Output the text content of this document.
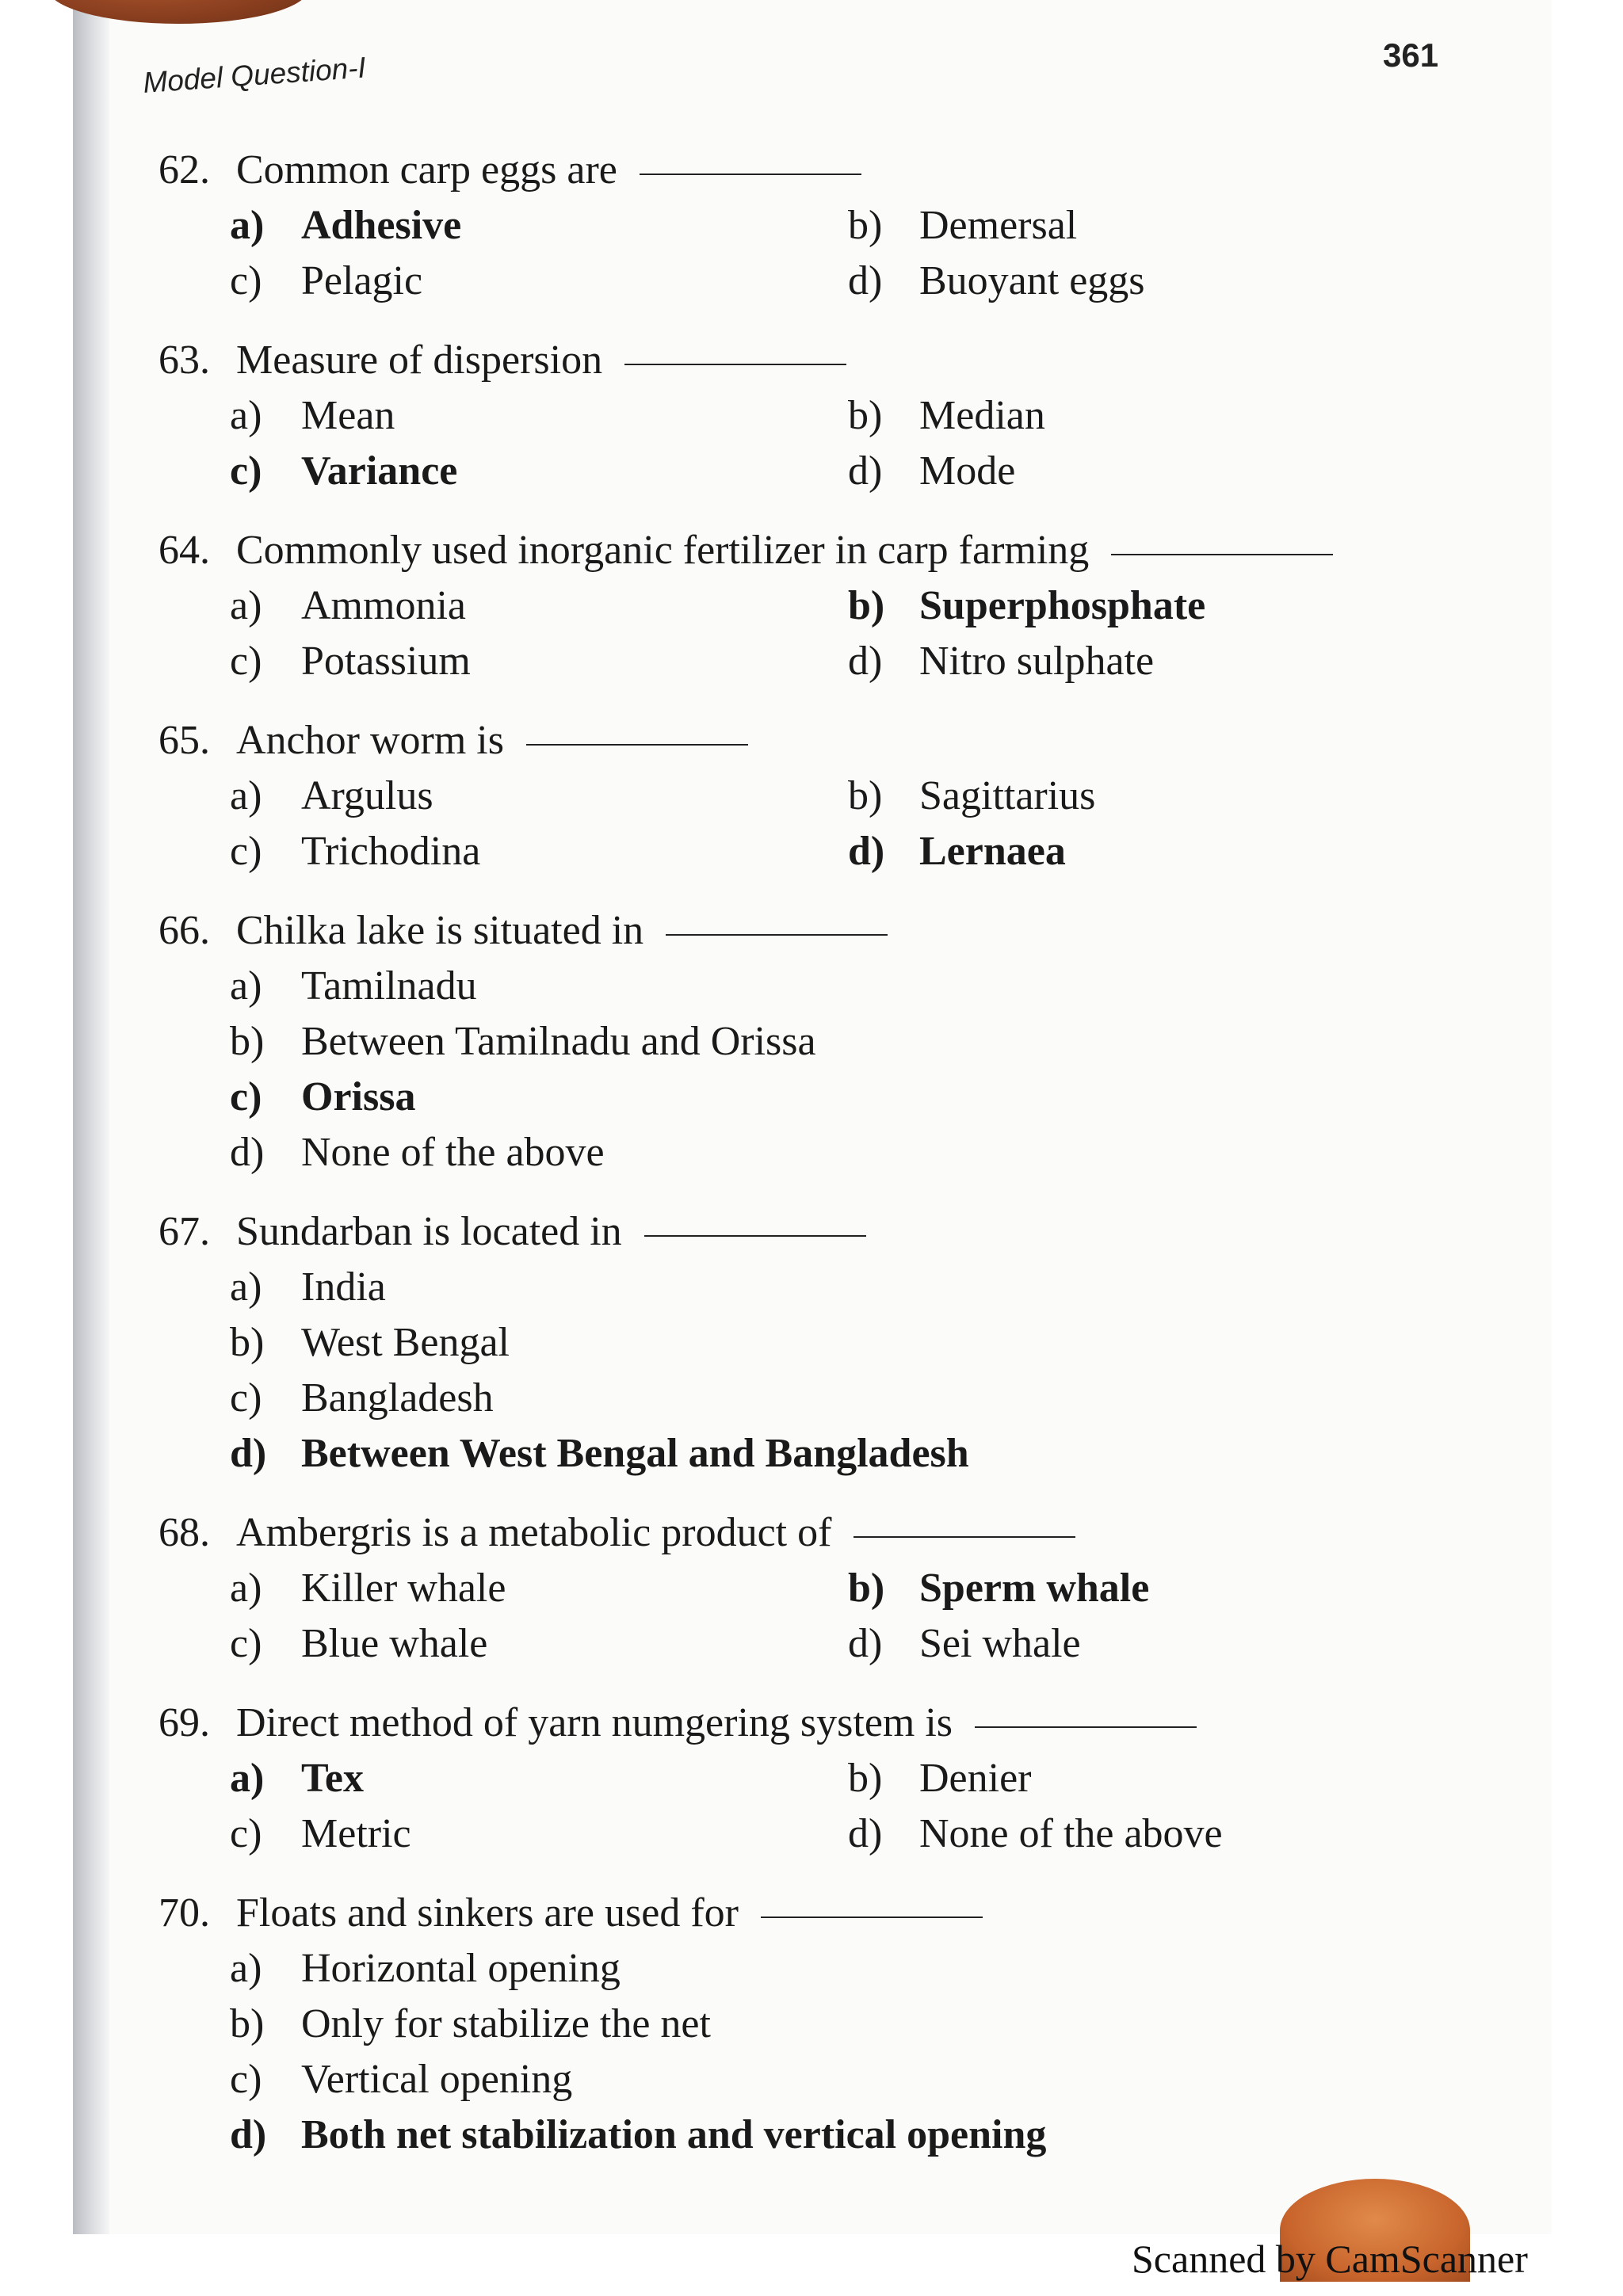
Model Question-I	361
62. Common carp eggs are
a) Adhesive	b) Demersal
c) Pelagic	d) Buoyant eggs
63. Measure of dispersion
a) Mean	b) Median
c) Variance	d) Mode
64. Commonly used inorganic fertilizer in carp farming
a) Ammonia	b) Superphosphate
c) Potassium	d) Nitro sulphate
65. Anchor worm is
a) Argulus	b) Sagittarius
c) Trichodina	d) Lernaea
66. Chilka lake is situated in
a) Tamilnadu
b) Between Tamilnadu and Orissa
c) Orissa
d) None of the above
67. Sundarban is located in
a) India
b) West Bengal
c) Bangladesh
d) Between West Bengal and Bangladesh
68. Ambergris is a metabolic product of
a) Killer whale	b) Sperm whale
c) Blue whale	d) Sei whale
69. Direct method of yarn numgering system is
a) Tex	b) Denier
c) Metric	d) None of the above
70. Floats and sinkers are used for
a) Horizontal opening
b) Only for stabilize the net
c) Vertical opening
d) Both net stabilization and vertical opening
Scanned by CamScanner
